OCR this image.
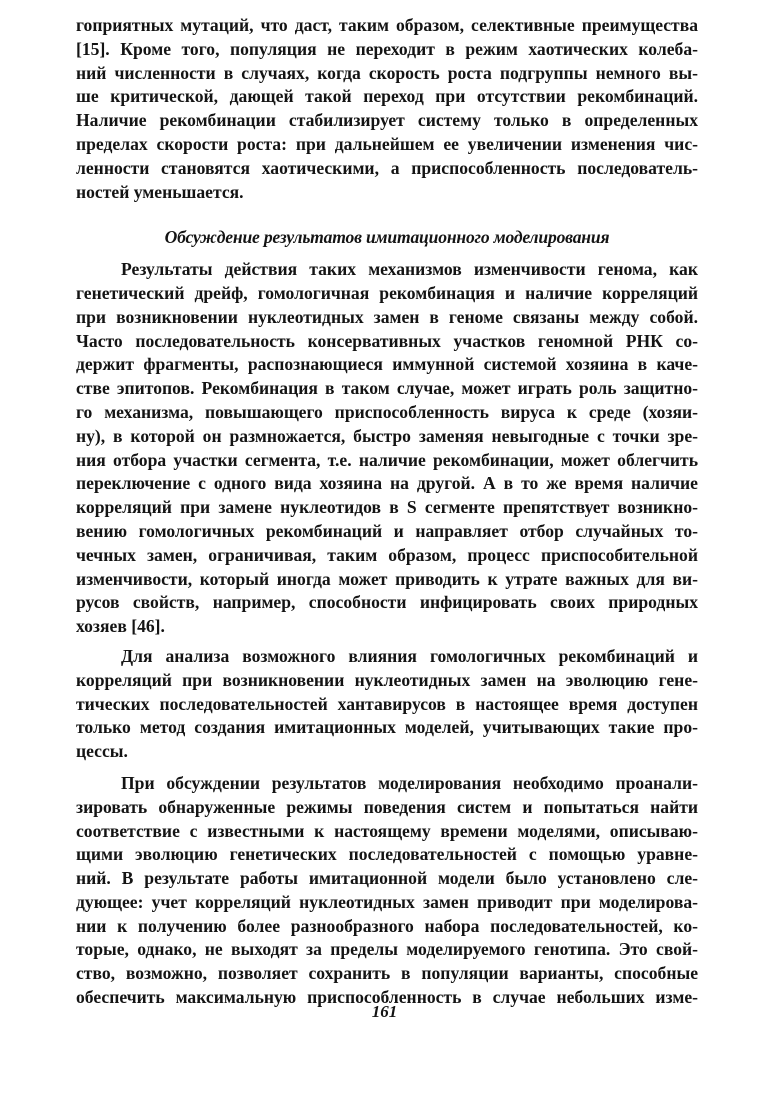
гоприятных мутаций, что даст, таким образом, селективные преимущества
[15]. Кроме того, популяция не переходит в режим хаотических колеба-
ний численности в случаях, когда скорость роста подгруппы немного вы-
ше критической, дающей такой переход при отсутствии рекомбинаций.
Наличие рекомбинации стабилизирует систему только в определенных
пределах скорости роста: при дальнейшем ее увеличении изменения чис-
ленности становятся хаотическими, а приспособленность последователь-
ностей уменьшается.
Обсуждение результатов имитационного моделирования
Результаты действия таких механизмов изменчивости генома, как
генетический дрейф, гомологичная рекомбинация и наличие корреляций
при возникновении нуклеотидных замен в геноме связаны между собой.
Часто последовательность консервативных участков геномной РНК со-
держит фрагменты, распознающиеся иммунной системой хозяина в каче-
стве эпитопов. Рекомбинация в таком случае, может играть роль защитно-
го механизма, повышающего приспособленность вируса к среде (хозяи-
ну), в которой он размножается, быстро заменяя невыгодные с точки зре-
ния отбора участки сегмента, т.е. наличие рекомбинации, может облегчить
переключение с одного вида хозяина на другой. А в то же время наличие
корреляций при замене нуклеотидов в S сегменте препятствует возникно-
вению гомологичных рекомбинаций и направляет отбор случайных то-
чечных замен, ограничивая, таким образом, процесс приспособительной
изменчивости, который иногда может приводить к утрате важных для ви-
русов свойств, например, способности инфицировать своих природных
хозяев [46].
Для анализа возможного влияния гомологичных рекомбинаций и
корреляций при возникновении нуклеотидных замен на эволюцию гене-
тических последовательностей хантавирусов в настоящее время доступен
только метод создания имитационных моделей, учитывающих такие про-
цессы.
При обсуждении результатов моделирования необходимо проанали-
зировать обнаруженные режимы поведения систем и попытаться найти
соответствие с известными к настоящему времени моделями, описываю-
щими эволюцию генетических последовательностей с помощью уравне-
ний. В результате работы имитационной модели было установлено сле-
дующее: учет корреляций нуклеотидных замен приводит при моделирова-
нии к получению более разнообразного набора последовательностей, ко-
торые, однако, не выходят за пределы моделируемого генотипа. Это свой-
ство, возможно, позволяет сохранить в популяции варианты, способные
обеспечить максимальную приспособленность в случае небольших изме-
161
